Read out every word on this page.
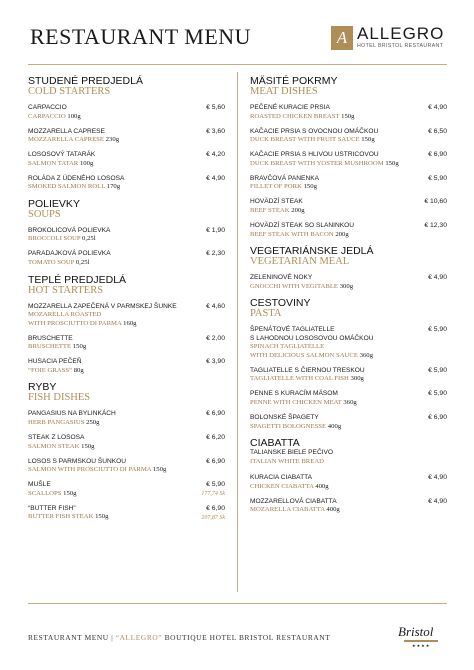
RESTAURANT MENU	A ALLEGRO
HOTEL BRISTOL RESTAURANT
STUDENÉ PREDJEDLÁ
COLD STARTERS
CARPACCIO
CARPACCIO 100g
€ 5,60
MOZZARELLA CAPRESE
MOZZARELLA CAPRESE 230g
€ 3,60
LOSOSOVÝ TATARÁK
SALMON TATAR 100g
€ 4,20
ROLÁDA Z ÚDENÉHO LOSOSA
SMOKED SALMON ROLL 170g
€ 4,90
POLIEVKY
SOUPS
BROKOLICOVÁ POLIEVKA
BROCCOLI SOUP 0,25l
€ 1,90
PARADAJKOVÁ POLIEVKA
TOMATO SOUP 0,25l
€ 2,30
TEPLÉ PREDJEDLÁ
HOT STARTERS
MOZZARELLA ZAPEČENÁ V PARMSKEJ ŠUNKE
MOZARELLA ROASTED
WITH PROSCIUTTO DI PARMA 160g
€ 4,60
BRUSCHETTE
BRUSCHETTE 150g
€ 2,00
HUSACIA PEČEŇ
“FOIE GRASS” 80g
€ 3,90
RYBY
FISH DISHES
PANGASIUS NA BYLINKÁCH
HERB PANGASIUS 250g
€ 6,90
STEAK Z LOSOSA
SALMON STEAK 150g
€ 6,20
LOSOS S PARMSKOU ŠUNKOU
SALMON WITH PROSCIUTTO DI PARMA 150g
€ 6,90
MUŠLE
SCALLOPS 150g
€ 5,90
177,74 Sk
“BUTTER FISH”
BUTTER FISH STEAK 150g
€ 6,90
207,87 Sk
MÄSITÉ POKRMY
MEAT DISHES
PEČENÉ KURACIE PRSIA
ROASTED CHICKEN BREAST 150g
€ 4,90
KAČACIE PRSIA S OVOCNOU OMÁČKOU
DUCK BREAST WITH FRUIT SAUCE 150g
€ 6,50
KAČACIE PRSIA S HLIVOU USTRICOVOU
DUCK BREAST WITH YOSTER MUSHROOM 150g
€ 6,90
BRAVČOVÁ PANENKA
FILLET OF PORK 150g
€ 5,90
HOVÄDZÍ STEAK
BEEF STEAK 200g
€ 10,60
HOVÄDZÍ STEAK SO SLANINKOU
BEEF STEAK WITH BACON 200g
€ 12,30
VEGETARIÁNSKE JEDLÁ
VEGETARIAN MEAL
ZELENINOVÉ NOKY
GNOCCHI WITH VEGITABLE 300g
€ 4,90
CESTOVINY
PASTA
ŠPENÁTOVÉ TAGLIATELLE
S LAHODNOU LOSOSOVOU OMÁČKOU
SPINACH TAGLIATELLE
WITH DELICIOUS SALMON SAUCE 360g
€ 5,90
TAGLIATELLE S ČIERNOU TRESKOU
TAGLIATELLE WITH COAL FISH 300g
€ 5,90
PENNE S KURACÍM MÄSOM
PENNE WITH CHICKEN MEAT 360g
€ 5,90
BOLONSKÉ ŠPAGETY
SPAGETTI BOLOGNESSE 400g
€ 6,90
CIABATTA
TALIANSKE BIELE PEČIVO
ITALIAN WHITE BREAD
KURACIA CIABATTA
CHICKEN CIABATTA 400g
€ 4,90
MOZZARELLOVÁ CIABATTA
MOZARELLA CIABATTA 400g
€ 4,90
RESTAURANT MENU | “ALLEGRO” BOUTIQUE HOTEL BRISTOL RESTAURANT	Bristol
★★★★
